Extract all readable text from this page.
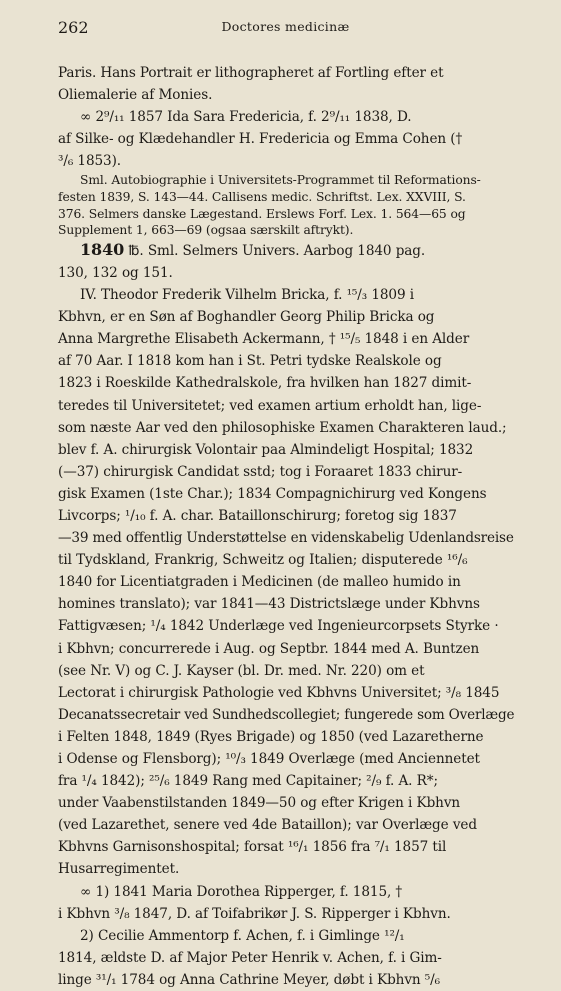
262	Doctores medicinæ

Paris. Hans Portrait er lithographeret af Fortling efter et
Oliemalerie af Monies.

∞ 2⁹/₁₁ 1857 Ida Sara Fredericia, f. 2⁹/₁₁ 1838, D.
af Silke- og Klædehandler H. Fredericia og Emma Cohen (†
³/₆ 1853).

Sml. Autobiographie i Universitets-Programmet til Reformations-
festen 1839, S. 143—44. Callisens medic. Schriftst. Lex. XXVIII, S.
376. Selmers danske Lægestand. Erslews Forf. Lex. 1. 564—65 og
Supplement 1, 663—69 (ogsaa særskilt aftrykt).

1840 ℔. Sml. Selmers Univers. Aarbog 1840 pag.
130, 132 og 151.

IV. Theodor Frederik Vilhelm Bricka, f. ¹⁵/₃ 1809 i
Kbhvn, er en Søn af Boghandler Georg Philip Bricka og
Anna Margrethe Elisabeth Ackermann, † ¹⁵/₅ 1848 i en Alder
af 70 Aar. I 1818 kom han i St. Petri tydske Realskole og
1823 i Roeskilde Kathedralskole, fra hvilken han 1827 dimit-
teredes til Universitetet; ved examen artium erholdt han, lige-
som næste Aar ved den philosophiske Examen Charakteren laud.;
blev f. A. chirurgisk Volontair paa Almindeligt Hospital; 1832
(—37) chirurgisk Candidat sstd; tog i Foraaret 1833 chirur-
gisk Examen (1ste Char.); 1834 Compagnichirurg ved Kongens
Livcorps; ¹/₁₀ f. A. char. Bataillonschirurg; foretog sig 1837
—39 med offentlig Understøttelse en videnskabelig Udenlandsreise
til Tydskland, Frankrig, Schweitz og Italien; disputerede ¹⁶/₆
1840 for Licentiatgraden i Medicinen (de malleo humido in
homines translato); var 1841—43 Districtslæge under Kbhvns
Fattigvæsen; ¹/₄ 1842 Underlæge ved Ingenieurcorpsets Styrke ·
i Kbhvn; concurrerede i Aug. og Septbr. 1844 med A. Buntzen
(see Nr. V) og C. J. Kayser (bl. Dr. med. Nr. 220) om et
Lectorat i chirurgisk Pathologie ved Kbhvns Universitet; ³/₈ 1845
Decanatssecretair ved Sundhedscollegiet; fungerede som Overlæge
i Felten 1848, 1849 (Ryes Brigade) og 1850 (ved Lazaretherne
i Odense og Flensborg); ¹⁰/₃ 1849 Overlæge (med Anciennetet
fra ¹/₄ 1842); ²⁵/₆ 1849 Rang med Capitainer; ²/₉ f. A. R*;
under Vaabenstilstanden 1849—50 og efter Krigen i Kbhvn
(ved Lazarethet, senere ved 4de Bataillon); var Overlæge ved
Kbhvns Garnisonshospital; forsat ¹⁶/₁ 1856 fra ⁷/₁ 1857 til
Husarregimentet.

∞ 1) 1841 Maria Dorothea Ripperger, f. 1815, †
i Kbhvn ³/₈ 1847, D. af Toifabrikør J. S. Ripperger i Kbhvn.

2) Cecilie Ammentorp f. Achen, f. i Gimlinge ¹²/₁
1814, ældste D. af Major Peter Henrik v. Achen, f. i Gim-
linge ³¹/₁ 1784 og Anna Cathrine Meyer, døbt i Kbhvn ⁵/₆
